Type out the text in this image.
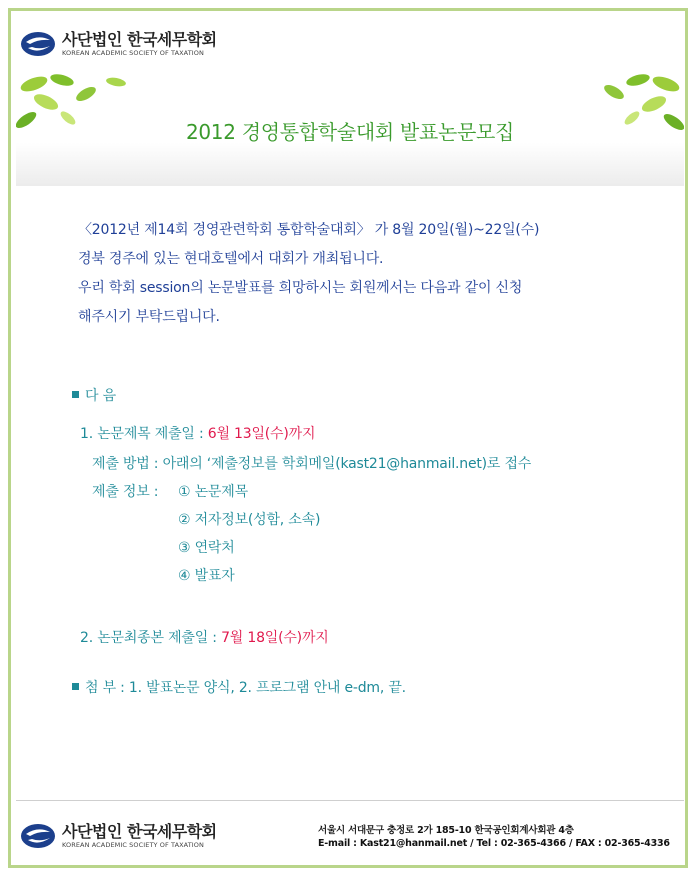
사단법인 한국세무학회
KOREAN ACADEMIC SOCIETY OF TAXATION
2012 경영통합학술대회 발표논문모집
〈2012년 제14회 경영관련학회 통합학술대회〉 가 8월 20일(월)~22일(수)
경북 경주에 있는 현대호텔에서 대회가 개최됩니다.
우리 학회 session의 논문발표를 희망하시는 회원께서는 다음과 같이 신청
해주시기 부탁드립니다.
다 음
1. 논문제목 제출일 : 6월 13일(수)까지
제출 방법 : 아래의 ‘제출정보를 학회메일(kast21@hanmail.net)로 접수
제출 정보 : ① 논문제목
② 저자정보(성함, 소속)
③ 연락처
④ 발표자
2. 논문최종본 제출일 : 7월 18일(수)까지
첨 부 : 1. 발표논문 양식, 2. 프로그램 안내 e-dm, 끝.
사단법인 한국세무학회
KOREAN ACADEMIC SOCIETY OF TAXATION
서울시 서대문구 충정로 2가 185-10 한국공인회계사회관 4층
E-mail : Kast21@hanmail.net / Tel : 02-365-4366 / FAX : 02-365-4336
